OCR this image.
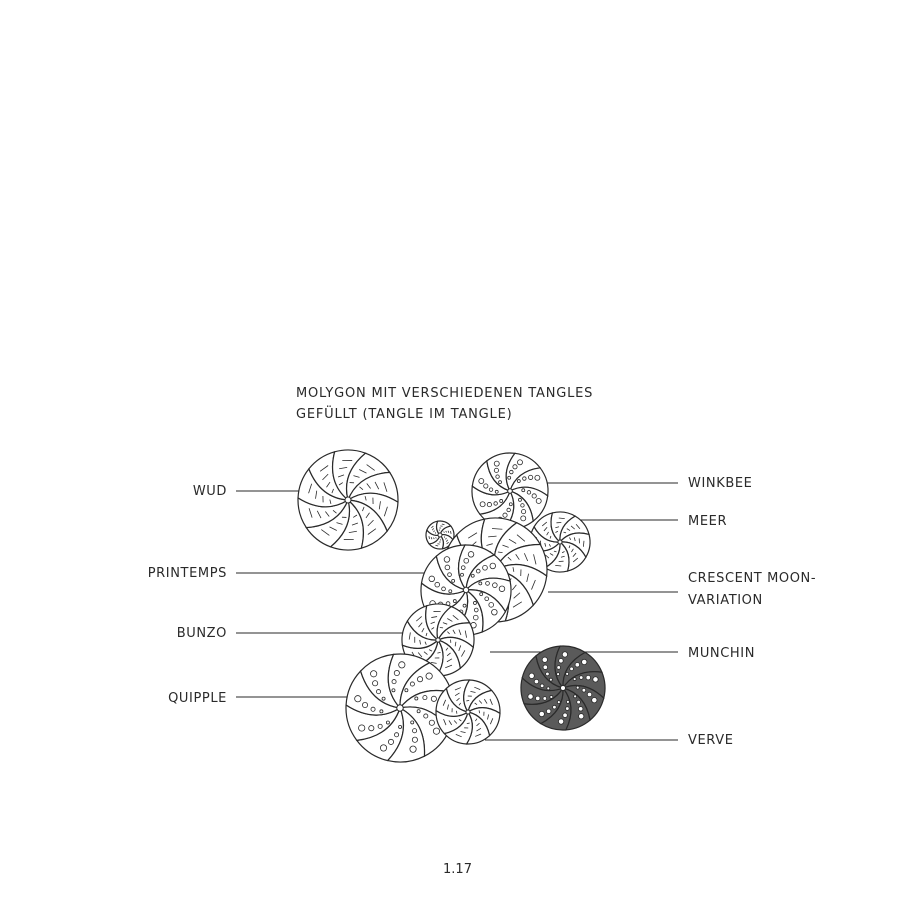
MOLYGON MIT VERSCHIEDENEN TANGLES
GEFÜLLT (TANGLE IM TANGLE)
WUD
PRINTEMPS
BUNZO
QUIPPLE
WINKBEE
MEER
CRESCENT MOON-
VARIATION
MUNCHIN
VERVE
1.17
